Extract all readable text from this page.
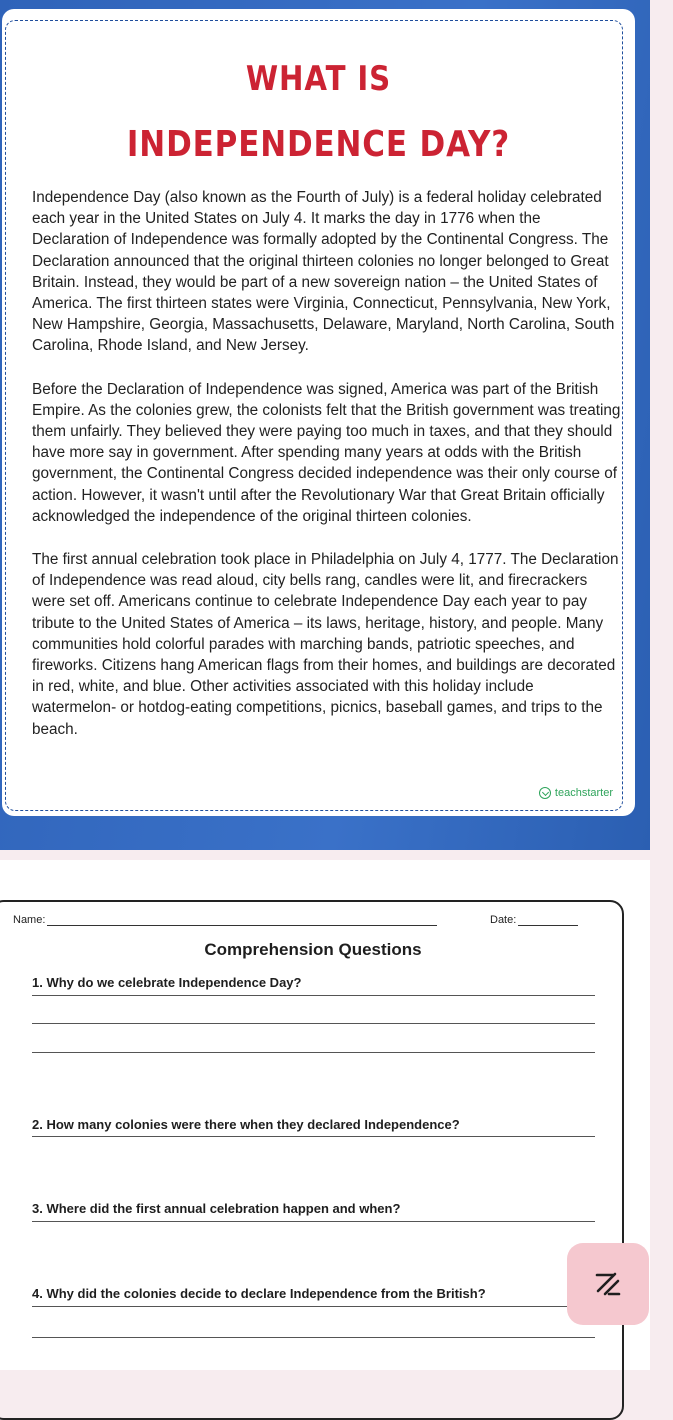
WHAT IS
INDEPENDENCE DAY?

Independence Day (also known as the Fourth of July) is a federal holiday celebrated each year in the United States on July 4. It marks the day in 1776 when the Declaration of Independence was formally adopted by the Continental Congress. The Declaration announced that the original thirteen colonies no longer belonged to Great Britain. Instead, they would be part of a new sovereign nation – the United States of America. The first thirteen states were Virginia, Connecticut, Pennsylvania, New York, New Hampshire, Georgia, Massachusetts, Delaware, Maryland, North Carolina, South Carolina, Rhode Island, and New Jersey.

Before the Declaration of Independence was signed, America was part of the British Empire. As the colonies grew, the colonists felt that the British government was treating them unfairly. They believed they were paying too much in taxes, and that they should have more say in government. After spending many years at odds with the British government, the Continental Congress decided independence was their only course of action. However, it wasn't until after the Revolutionary War that Great Britain officially acknowledged the independence of the original thirteen colonies.

The first annual celebration took place in Philadelphia on July 4, 1777. The Declaration of Independence was read aloud, city bells rang, candles were lit, and firecrackers were set off. Americans continue to celebrate Independence Day each year to pay tribute to the United States of America – its laws, heritage, history, and people. Many communities hold colorful parades with marching bands, patriotic speeches, and fireworks. Citizens hang American flags from their homes, and buildings are decorated in red, white, and blue. Other activities associated with this holiday include watermelon- or hotdog-eating competitions, picnics, baseball games, and trips to the beach.

teachstarter
Name:	Date:
Comprehension Questions
1. Why do we celebrate Independence Day?
2. How many colonies were there when they declared Independence?
3. Where did the first annual celebration happen and when?
4. Why did the colonies decide to declare Independence from the British?
